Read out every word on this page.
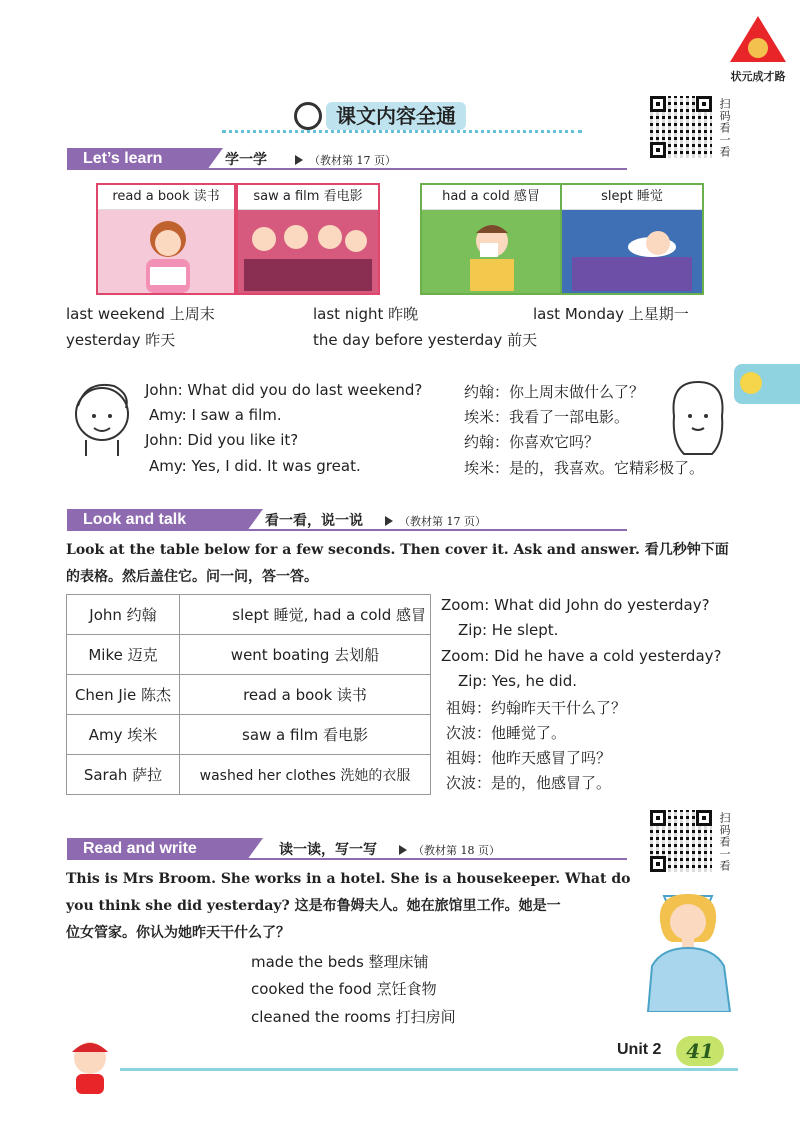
状元成才路
课文内容全通	扫码看一看
Let’s learn	学一学	（教材第 17 页）
read a book 读书	saw a film 看电影	had a cold 感冒	slept 睡觉
last weekend 上周末	last night 昨晚	last Monday 上星期一
yesterday 昨天	the day before yesterday 前天
John: What did you do last weekend?
Amy: I saw a film.
John: Did you like it?
Amy: Yes, I did. It was great.
约翰：你上周末做什么了？
埃米：我看了一部电影。
约翰：你喜欢它吗？
埃米：是的，我喜欢。它精彩极了。
Look and talk	看一看，说一说	（教材第 17 页）
Look at the table below for a few seconds. Then cover it. Ask and answer. 看几秒钟下面
的表格。然后盖住它。问一问，答一答。
John 约翰	slept 睡觉, had a cold 感冒
Mike 迈克	went boating 去划船
Chen Jie 陈杰	read a book 读书
Amy 埃米	saw a film 看电影
Sarah 萨拉	washed her clothes 洗她的衣服
Zoom: What did John do yesterday?
Zip: He slept.
Zoom: Did he have a cold yesterday?
Zip: Yes, he did.
祖姆：约翰昨天干什么了？
次波：他睡觉了。
祖姆：他昨天感冒了吗？
次波：是的，他感冒了。
扫码看一看
Read and write	读一读，写一写	（教材第 18 页）
This is Mrs Broom. She works in a hotel. She is a housekeeper. What do
you think she did yesterday? 这是布鲁姆夫人。她在旅馆里工作。她是一
位女管家。你认为她昨天干什么了？
made the beds 整理床铺
cooked the food 烹饪食物
cleaned the rooms 打扫房间
Unit 2	41
